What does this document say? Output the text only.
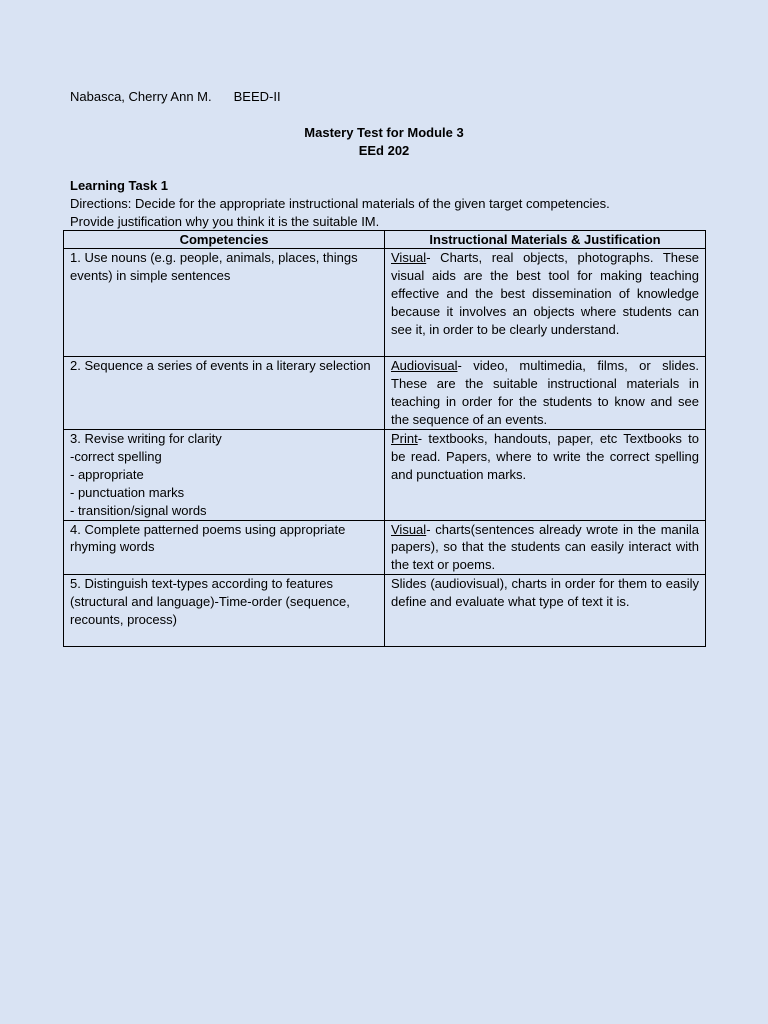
Nabasca, Cherry Ann M. BEED-II
Mastery Test for Module 3
EEd 202
Learning Task 1
Directions: Decide for the appropriate instructional materials of the given target competencies. Provide justification why you think it is the suitable IM.
Competencies	Instructional Materials & Justification
1. Use nouns (e.g. people, animals, places, things events) in simple sentences	Visual- Charts, real objects, photographs. These visual aids are the best tool for making teaching effective and the best dissemination of knowledge because it involves an objects where students can see it, in order to be clearly understand.
2. Sequence a series of events in a literary selection	Audiovisual- video, multimedia, films, or slides. These are the suitable instructional materials in teaching in order for the students to know and see the sequence of an events.

3. Revise writing for clarity
-correct spelling
- appropriate
- punctuation marks
- transition/signal words	Print- textbooks, handouts, paper, etc Textbooks to be read. Papers, where to write the correct spelling and punctuation marks.
4. Complete patterned poems using appropriate rhyming words	Visual- charts(sentences already wrote in the manila papers), so that the students can easily interact with the text or poems.
5. Distinguish text-types according to features (structural and language)-Time-order (sequence, recounts, process)	Slides (audiovisual), charts in order for them to easily define and evaluate what type of text it is.
